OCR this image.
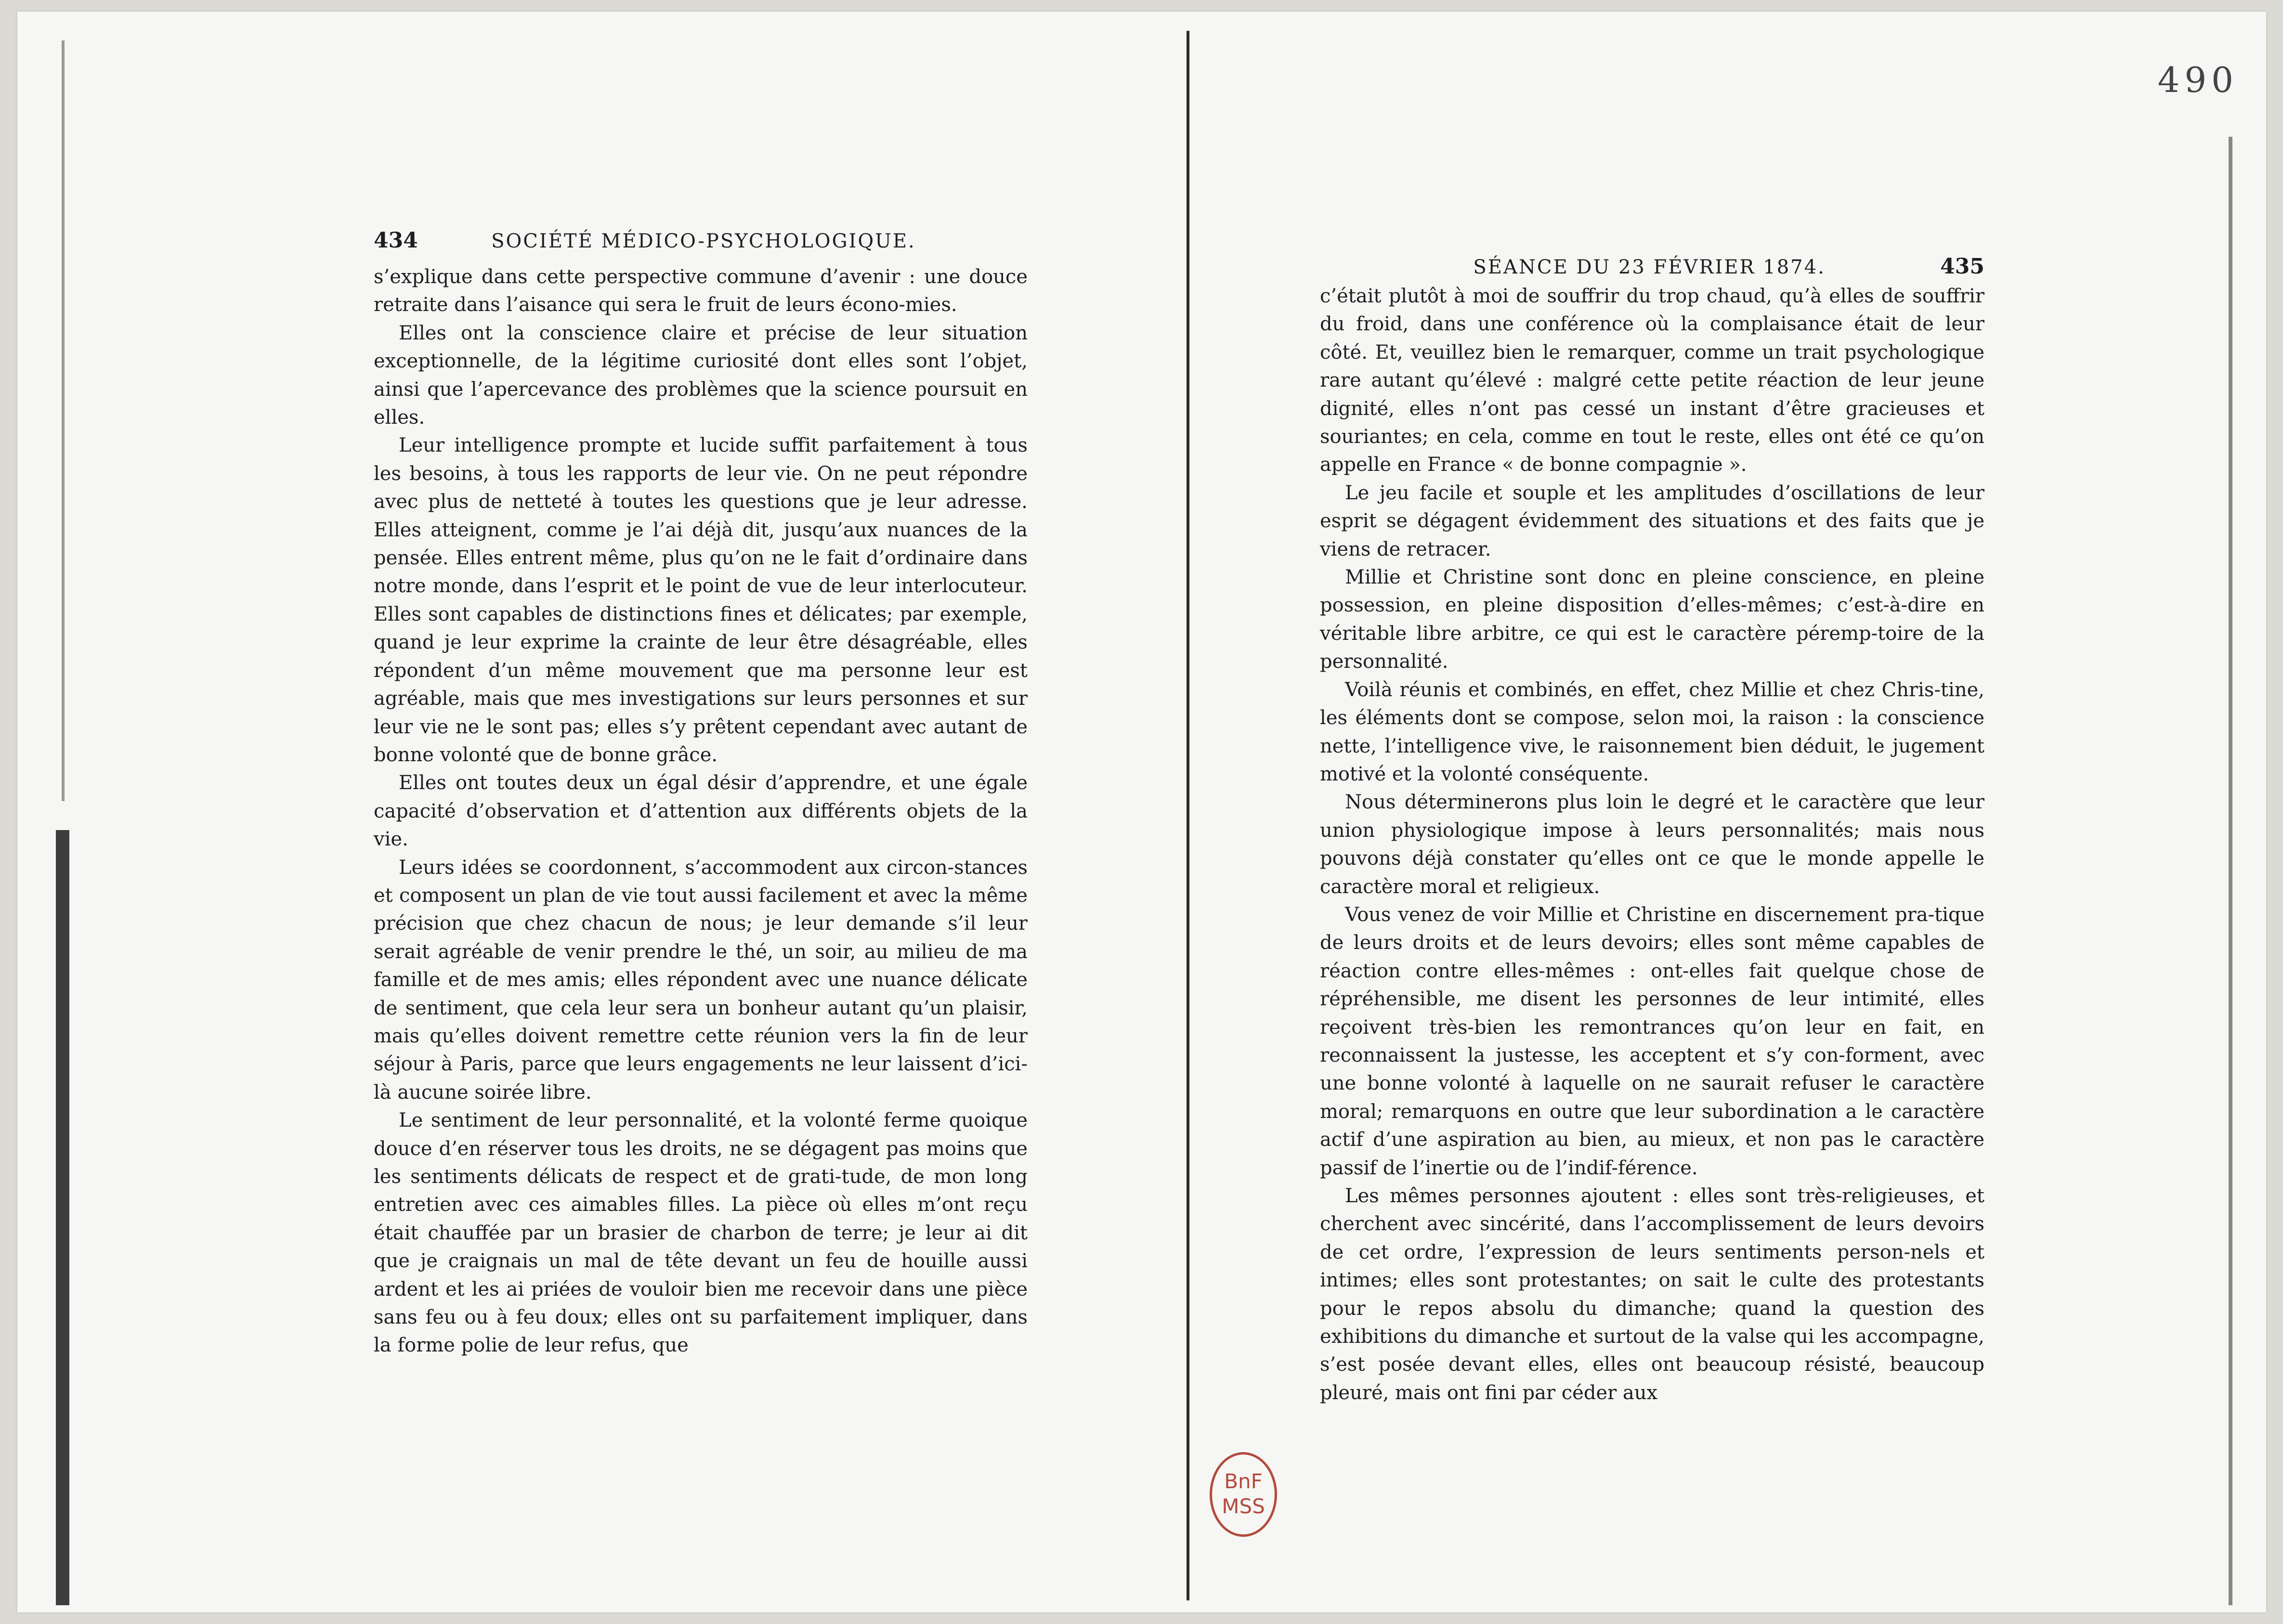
490
434	SOCIÉTÉ MÉDICO-PSYCHOLOGIQUE.

s’explique dans cette perspective commune d’avenir : une douce retraite dans l’aisance qui sera le fruit de leurs écono-mies.

Elles ont la conscience claire et précise de leur situation exceptionnelle, de la légitime curiosité dont elles sont l’objet, ainsi que l’apercevance des problèmes que la science poursuit en elles.

Leur intelligence prompte et lucide suffit parfaitement à tous les besoins, à tous les rapports de leur vie. On ne peut répondre avec plus de netteté à toutes les questions que je leur adresse. Elles atteignent, comme je l’ai déjà dit, jusqu’aux nuances de la pensée. Elles entrent même, plus qu’on ne le fait d’ordinaire dans notre monde, dans l’esprit et le point de vue de leur interlocuteur. Elles sont capables de distinctions fines et délicates; par exemple, quand je leur exprime la crainte de leur être désagréable, elles répondent d’un même mouvement que ma personne leur est agréable, mais que mes investigations sur leurs personnes et sur leur vie ne le sont pas; elles s’y prêtent cependant avec autant de bonne volonté que de bonne grâce.

Elles ont toutes deux un égal désir d’apprendre, et une égale capacité d’observation et d’attention aux différents objets de la vie.

Leurs idées se coordonnent, s’accommodent aux circon-stances et composent un plan de vie tout aussi facilement et avec la même précision que chez chacun de nous; je leur demande s’il leur serait agréable de venir prendre le thé, un soir, au milieu de ma famille et de mes amis; elles répondent avec une nuance délicate de sentiment, que cela leur sera un bonheur autant qu’un plaisir, mais qu’elles doivent remettre cette réunion vers la fin de leur séjour à Paris, parce que leurs engagements ne leur laissent d’ici-là aucune soirée libre.

Le sentiment de leur personnalité, et la volonté ferme quoique douce d’en réserver tous les droits, ne se dégagent pas moins que les sentiments délicats de respect et de grati-tude, de mon long entretien avec ces aimables filles. La pièce où elles m’ont reçu était chauffée par un brasier de charbon de terre; je leur ai dit que je craignais un mal de tête devant un feu de houille aussi ardent et les ai priées de vouloir bien me recevoir dans une pièce sans feu ou à feu doux; elles ont su parfaitement impliquer, dans la forme polie de leur refus, que

SÉANCE DU 23 FÉVRIER 1874.	435

c’était plutôt à moi de souffrir du trop chaud, qu’à elles de souffrir du froid, dans une conférence où la complaisance était de leur côté. Et, veuillez bien le remarquer, comme un trait psychologique rare autant qu’élevé : malgré cette petite réaction de leur jeune dignité, elles n’ont pas cessé un instant d’être gracieuses et souriantes; en cela, comme en tout le reste, elles ont été ce qu’on appelle en France « de bonne compagnie ».

Le jeu facile et souple et les amplitudes d’oscillations de leur esprit se dégagent évidemment des situations et des faits que je viens de retracer.

Millie et Christine sont donc en pleine conscience, en pleine possession, en pleine disposition d’elles-mêmes; c’est-à-dire en véritable libre arbitre, ce qui est le caractère péremp-toire de la personnalité.

Voilà réunis et combinés, en effet, chez Millie et chez Chris-tine, les éléments dont se compose, selon moi, la raison : la conscience nette, l’intelligence vive, le raisonnement bien déduit, le jugement motivé et la volonté conséquente.

Nous déterminerons plus loin le degré et le caractère que leur union physiologique impose à leurs personnalités; mais nous pouvons déjà constater qu’elles ont ce que le monde appelle le caractère moral et religieux.

Vous venez de voir Millie et Christine en discernement pra-tique de leurs droits et de leurs devoirs; elles sont même capables de réaction contre elles-mêmes : ont-elles fait quelque chose de répréhensible, me disent les personnes de leur intimité, elles reçoivent très-bien les remontrances qu’on leur en fait, en reconnaissent la justesse, les acceptent et s’y con-forment, avec une bonne volonté à laquelle on ne saurait refuser le caractère moral; remarquons en outre que leur subordination a le caractère actif d’une aspiration au bien, au mieux, et non pas le caractère passif de l’inertie ou de l’indif-férence.

Les mêmes personnes ajoutent : elles sont très-religieuses, et cherchent avec sincérité, dans l’accomplissement de leurs devoirs de cet ordre, l’expression de leurs sentiments person-nels et intimes; elles sont protestantes; on sait le culte des protestants pour le repos absolu du dimanche; quand la question des exhibitions du dimanche et surtout de la valse qui les accompagne, s’est posée devant elles, elles ont beaucoup résisté, beaucoup pleuré, mais ont fini par céder aux

BnF
MSS
